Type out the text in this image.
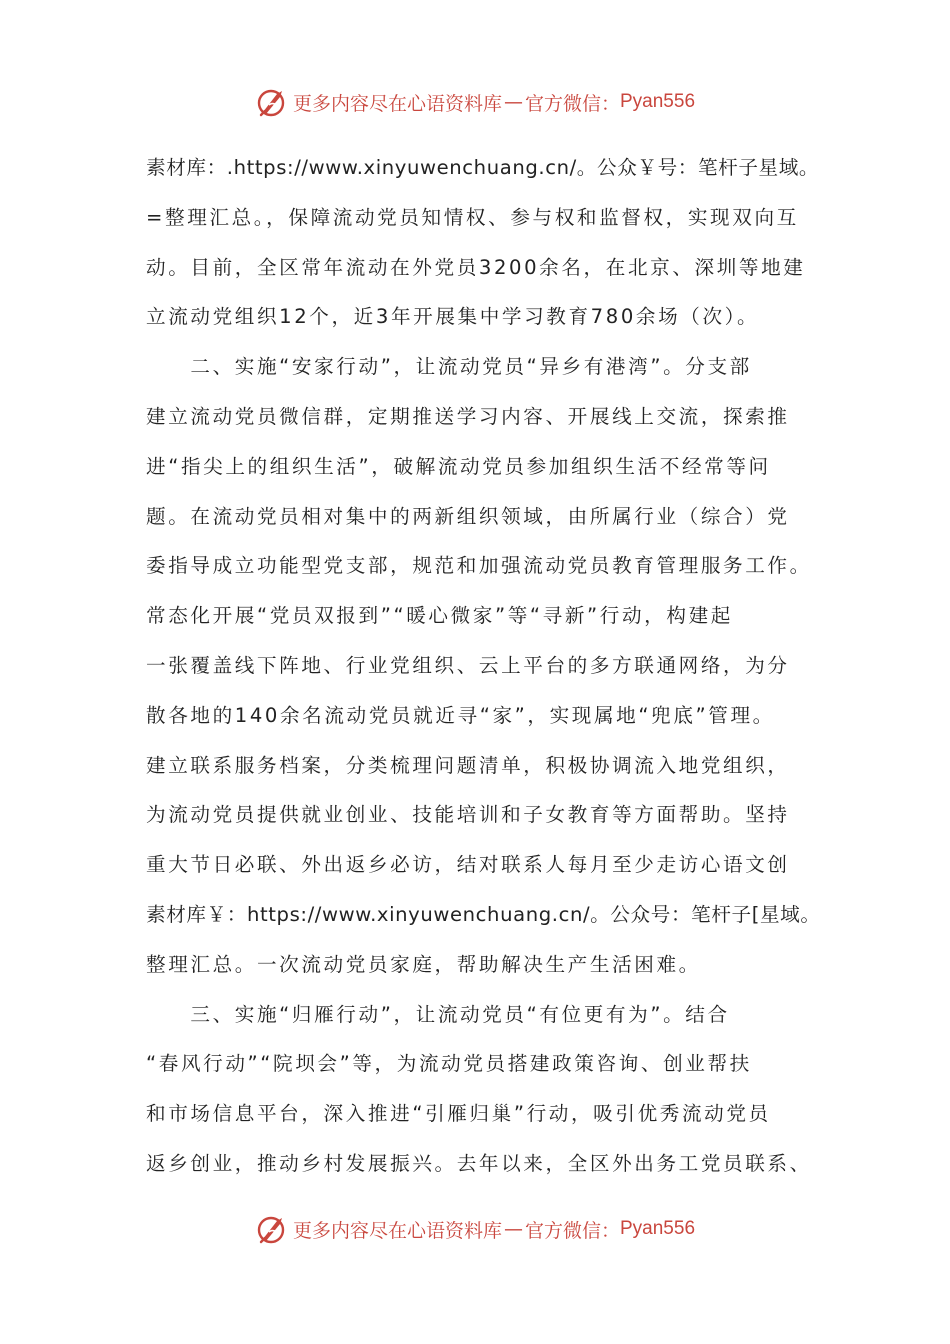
更多内容尽在心语资料库 — 官方微信： Pyan556
素材库：.https://www.xinyuwenchuang.cn/。公众￥号：笔杆子星域。
=整理汇总。，保障流动党员知情权、参与权和监督权，实现双向互
动。目前，全区常年流动在外党员3200余名，在北京、深圳等地建
立流动党组织12个，近3年开展集中学习教育780余场（次）。
　　二、实施“安家行动”，让流动党员“异乡有港湾”。分支部
建立流动党员微信群，定期推送学习内容、开展线上交流，探索推
进“指尖上的组织生活”，破解流动党员参加组织生活不经常等问
题。在流动党员相对集中的两新组织领域，由所属行业（综合）党
委指导成立功能型党支部，规范和加强流动党员教育管理服务工作。
常态化开展“党员双报到”“暖心微家”等“寻新”行动，构建起
一张覆盖线下阵地、行业党组织、云上平台的多方联通网络，为分
散各地的140余名流动党员就近寻“家”，实现属地“兜底”管理。
建立联系服务档案，分类梳理问题清单，积极协调流入地党组织，
为流动党员提供就业创业、技能培训和子女教育等方面帮助。坚持
重大节日必联、外出返乡必访，结对联系人每月至少走访心语文创
素材库￥：https://www.xinyuwenchuang.cn/。公众号：笔杆子[星域。
整理汇总。一次流动党员家庭，帮助解决生产生活困难。
　　三、实施“归雁行动”，让流动党员“有位更有为”。结合
“春风行动”“院坝会”等，为流动党员搭建政策咨询、创业帮扶
和市场信息平台，深入推进“引雁归巢”行动，吸引优秀流动党员
返乡创业，推动乡村发展振兴。去年以来，全区外出务工党员联系、
更多内容尽在心语资料库 — 官方微信： Pyan556
